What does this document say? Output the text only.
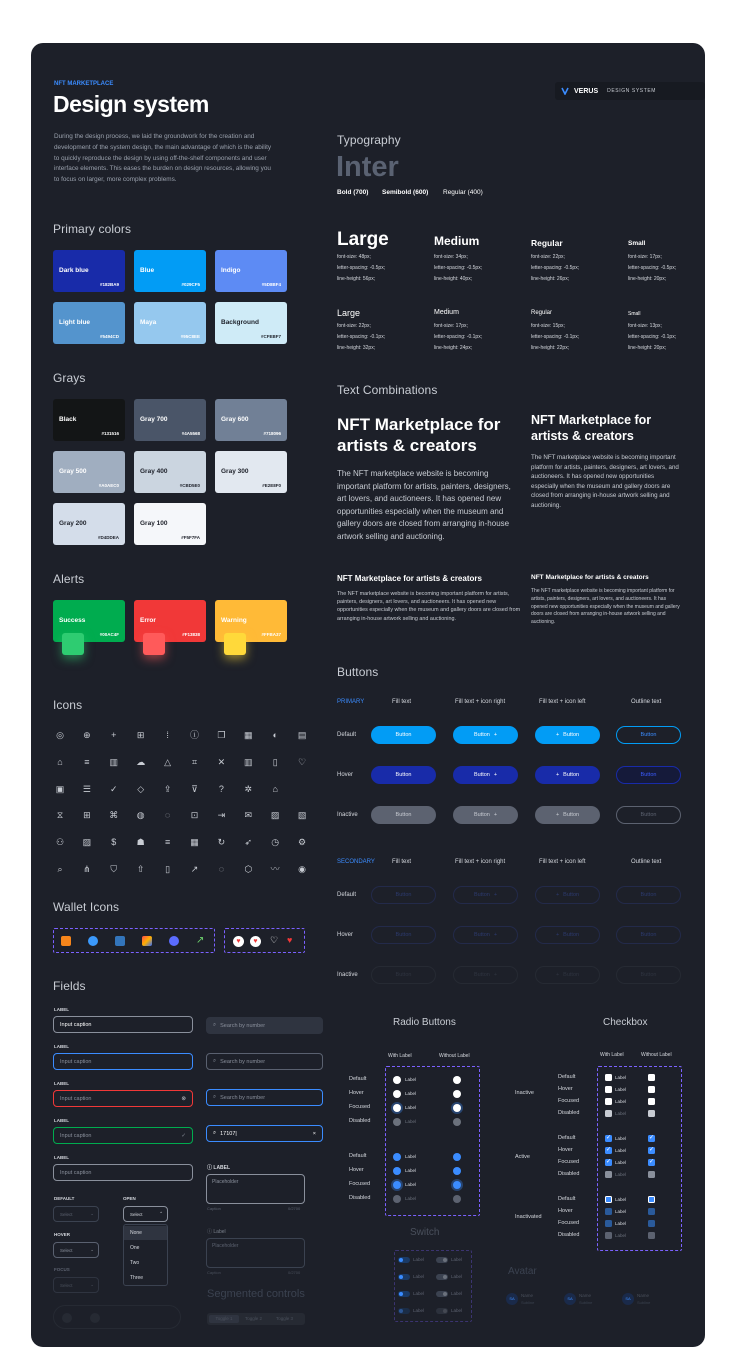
NFT MARKETPLACE
Design system
During the design process, we laid the groundwork for the creation and development of the system design, the main advantage of which is the ability to quickly reproduce the design by using off-the-shelf components and user interface elements. This eases the burden on design resources, allowing you to focus on larger, more complex problems.
VERUS DESIGN SYSTEM
Primary colors
Dark blue
#182BA9
Blue
#029CF5
Indigo
#5D8BF4
Light blue
#5494CD
Maya
#95C8EE
Background
#CFEBF7
Grays
Black
#131516
Gray 700
#4A5568
Gray 600
#718096
Gray 500
#A0AEC0
Gray 400
#CBD5E0
Gray 300
#E2E8F0
Gray 200
#D4DDEA
Gray 100
#F5F7FA
Alerts
Success
#00AC4F
Error
#F13838
Warning
#FFBA37
Icons
◎ ⊕	+	⊞	⁞	ⓘ ❐ ▦	◐	▤
⌂	≡	▥ ☁ △	⌗	✕ ▥	▯	♡
▣ ☰ ✓ ◇ ⇪	⊽	?	✲	⌂
⧖	⊞ ⌘ ◍	◌	⊡ ⇥ ✉ ▨ ▧
⚇ ▨	$	☗	≡	▦ ↻ ➶ ◷ ⚙
⌕	⋔ ⛉ ⇧	▯	↗	◌	⬡ 〰 ◉
Wallet Icons
↗	♥	♥	♡ ♥
Fields
LABEL
Input caption
LABEL
Input caption
LABEL
Input caption	⊗
LABEL
Input caption	✓
LABEL
Input caption
⌕ Search by number
⌕ Search by number
⌕ Search by number
⌕ 17107|	×
ⓘ LABEL
Placeholder
Caption	0/2700
ⓘ Label
Placeholder
Caption	0/2700
DEFAULT
Select	⌄
HOVER
Select	⌄
FOCUS
Select	⌄
OPEN
Select	⌃
None
One
Two
Three
Segmented controls
Toggle 1	Toggle 2	Toggle 3
Typography
Inter
Bold (700) Semibold (600) Regular (400)
Large
font-size: 48px;
letter-spacing: -0.5px;
line-height: 56px;
Medium
font-size: 34px;
letter-spacing: -0.5px;
line-height: 40px;
Regular
font-size: 22px;
letter-spacing: -0.5px;
line-height: 26px;
Small
font-size: 17px;
letter-spacing: -0.5px;
line-height: 20px;
Large
font-size: 22px;
letter-spacing: -0.1px;
line-height: 32px;
Medium
font-size: 17px;
letter-spacing: -0.1px;
line-height: 24px;
Regular
font-size: 15px;
letter-spacing: -0.1px;
line-height: 22px;
Small
font-size: 13px;
letter-spacing: -0.1px;
line-height: 20px;
Text Combinations
NFT Marketplace for artists & creators
The NFT marketplace website is becoming important platform for artists, painters, designers, art lovers, and auctioneers. It has opened new opportunities especially when the museum and gallery doors are closed from arranging in-house artwork selling and auctioning.
NFT Marketplace for artists & creators
The NFT marketplace website is becoming important platform for artists, painters, designers, art lovers, and auctioneers. It has opened new opportunities especially when the museum and gallery doors are closed from arranging in-house artwork selling and auctioning.
NFT Marketplace for artists & creators
The NFT marketplace website is becoming important platform for artists, painters, designers, art lovers, and auctioneers. It has opened new opportunities especially when the museum and gallery doors are closed from arranging in-house artwork selling and auctioning.
NFT Marketplace for artists & creators
The NFT marketplace website is becoming important platform for artists, painters, designers, art lovers, and auctioneers. It has opened new opportunities especially when the museum and gallery doors are closed from arranging in-house artwork selling and auctioning.
Buttons
PRIMARY	Fill text	Fill text + icon right	Fill text + icon left	Outline text
Default	Button	Button +	+ Button	Button
Hover	Button	Button +	+ Button	Button
Inactive	Button	Button +	+ Button	Button
SECONDARY	Fill text	Fill text + icon right	Fill text + icon left	Outline text
Default	Button	Button +	+ Button	Button
Hover	Button	Button +	+ Button	Button
Inactive	Button	Button +	+ Button	Button
Radio Buttons
With Label	Without Label
Default	Label
Hover	Label
Focused	Label
Disabled	Label
Default	Label
Hover	Label
Focused	Label
Disabled	Label
Checkbox
With Label	Without Label
Inactive
Default	Label
Hover	Label
Focused	Label
Disabled	Label
Active
Default	✓	✓
Label
Hover	✓	✓
Label
Focused	✓	✓
Label
Disabled	Label
Inactivated
Default	Label
Hover	Label
Focused	Label
Disabled	Label
Switch
Label	Label
Label	Label
Label	Label
Label	Label
Avatar
SA
Name
Subline
SA
Name
Subline
SA
Name
Subline
